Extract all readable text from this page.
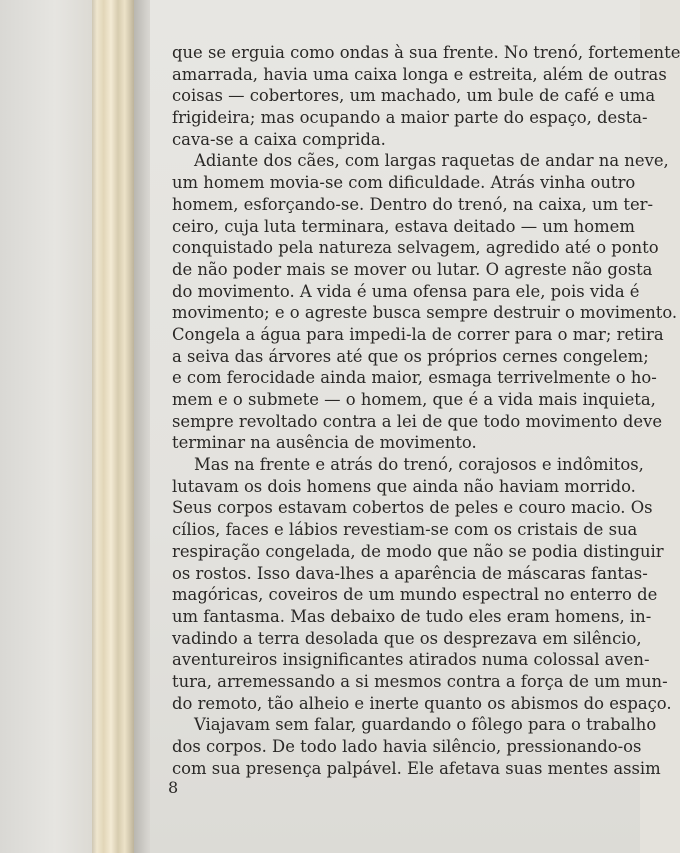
que se erguia como ondas à sua frente. No trenó, fortemente
amarrada, havia uma caixa longa e estreita, além de outras
coisas — cobertores, um machado, um bule de café e uma
frigideira; mas ocupando a maior parte do espaço, desta-
cava-se a caixa comprida.
Adiante dos cães, com largas raquetas de andar na neve,
um homem movia-se com dificuldade. Atrás vinha outro
homem, esforçando-se. Dentro do trenó, na caixa, um ter-
ceiro, cuja luta terminara, estava deitado — um homem
conquistado pela natureza selvagem, agredido até o ponto
de não poder mais se mover ou lutar. O agreste não gosta
do movimento. A vida é uma ofensa para ele, pois vida é
movimento; e o agreste busca sempre destruir o movimento.
Congela a água para impedi-la de correr para o mar; retira
a seiva das árvores até que os próprios cernes congelem;
e com ferocidade ainda maior, esmaga terrivelmente o ho-
mem e o submete — o homem, que é a vida mais inquieta,
sempre revoltado contra a lei de que todo movimento deve
terminar na ausência de movimento.
Mas na frente e atrás do trenó, corajosos e indômitos,
lutavam os dois homens que ainda não haviam morrido.
Seus corpos estavam cobertos de peles e couro macio. Os
cílios, faces e lábios revestiam-se com os cristais de sua
respiração congelada, de modo que não se podia distinguir
os rostos. Isso dava-lhes a aparência de máscaras fantas-
magóricas, coveiros de um mundo espectral no enterro de
um fantasma. Mas debaixo de tudo eles eram homens, in-
vadindo a terra desolada que os desprezava em silêncio,
aventureiros insignificantes atirados numa colossal aven-
tura, arremessando a si mesmos contra a força de um mun-
do remoto, tão alheio e inerte quanto os abismos do espaço.
Viajavam sem falar, guardando o fôlego para o trabalho
dos corpos. De todo lado havia silêncio, pressionando-os
com sua presença palpável. Ele afetava suas mentes assim
8
